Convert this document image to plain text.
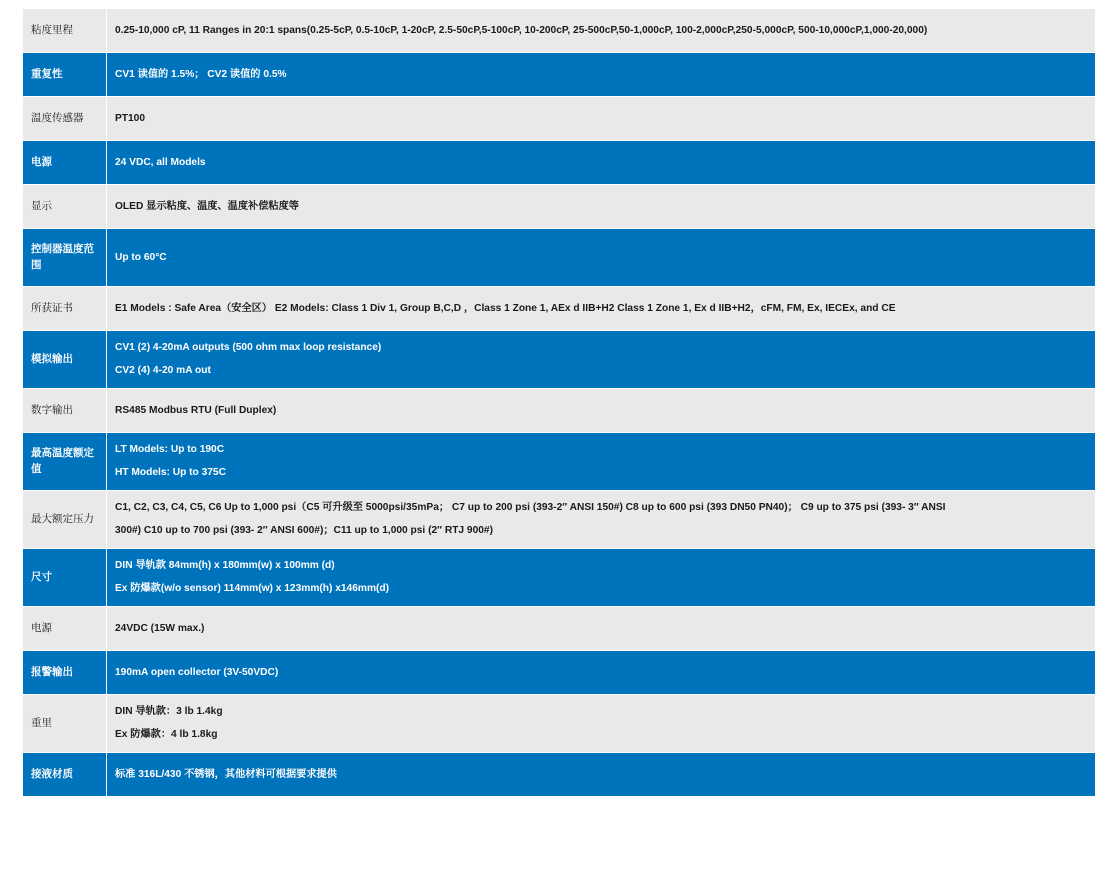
粘度里程	0.25-10,000 cP, 11 Ranges in 20:1 spans(0.25-5cP, 0.5-10cP, 1-20cP, 2.5-50cP,5-100cP, 10-200cP, 25-500cP,50-1,000cP, 100-2,000cP,250-5,000cP, 500-10,000cP,1,000-20,000)

重复性	CV1 读值的 1.5%； CV2 读值的 0.5%

温度传感器	PT100

电源	24 VDC, all Models

显示	OLED 显示粘度、温度、温度补偿粘度等

控制器温度范围	Up to 60°C

所获证书	E1 Models : Safe Area（安全区） E2 Models: Class 1 Div 1, Group B,C,D ，Class 1 Zone 1, AEx d IIB+H2 Class 1 Zone 1, Ex d IIB+H2，cFM, FM, Ex, IECEx, and CE

模拟输出	CV1 (2) 4-20mA outputs (500 ohm max loop resistance)
CV2 (4) 4-20 mA out

数字输出	RS485 Modbus RTU (Full Duplex)

最高温度额定值	LT Models: Up to 190C
HT Models: Up to 375C

最大额定压力	C1, C2, C3, C4, C5, C6 Up to 1,000 psi（C5 可升级至 5000psi/35mPa； C7 up to 200 psi (393-2″ ANSI 150#) C8 up to 600 psi (393 DN50 PN40)； C9 up to 375 psi (393- 3″ ANSI
300#) C10 up to 700 psi (393- 2″ ANSI 600#)；C11 up to 1,000 psi (2″ RTJ 900#)

尺寸	DIN 导轨款 84mm(h) x 180mm(w) x 100mm (d)
Ex 防爆款(w/o sensor) 114mm(w) x 123mm(h) x146mm(d)

电源	24VDC (15W max.)

报警输出	190mA open collector (3V-50VDC)

重里	DIN 导轨款：3 lb 1.4kg
Ex 防爆款：4 lb 1.8kg

接液材质	标准 316L/430 不锈钢，其他材料可根据要求提供
